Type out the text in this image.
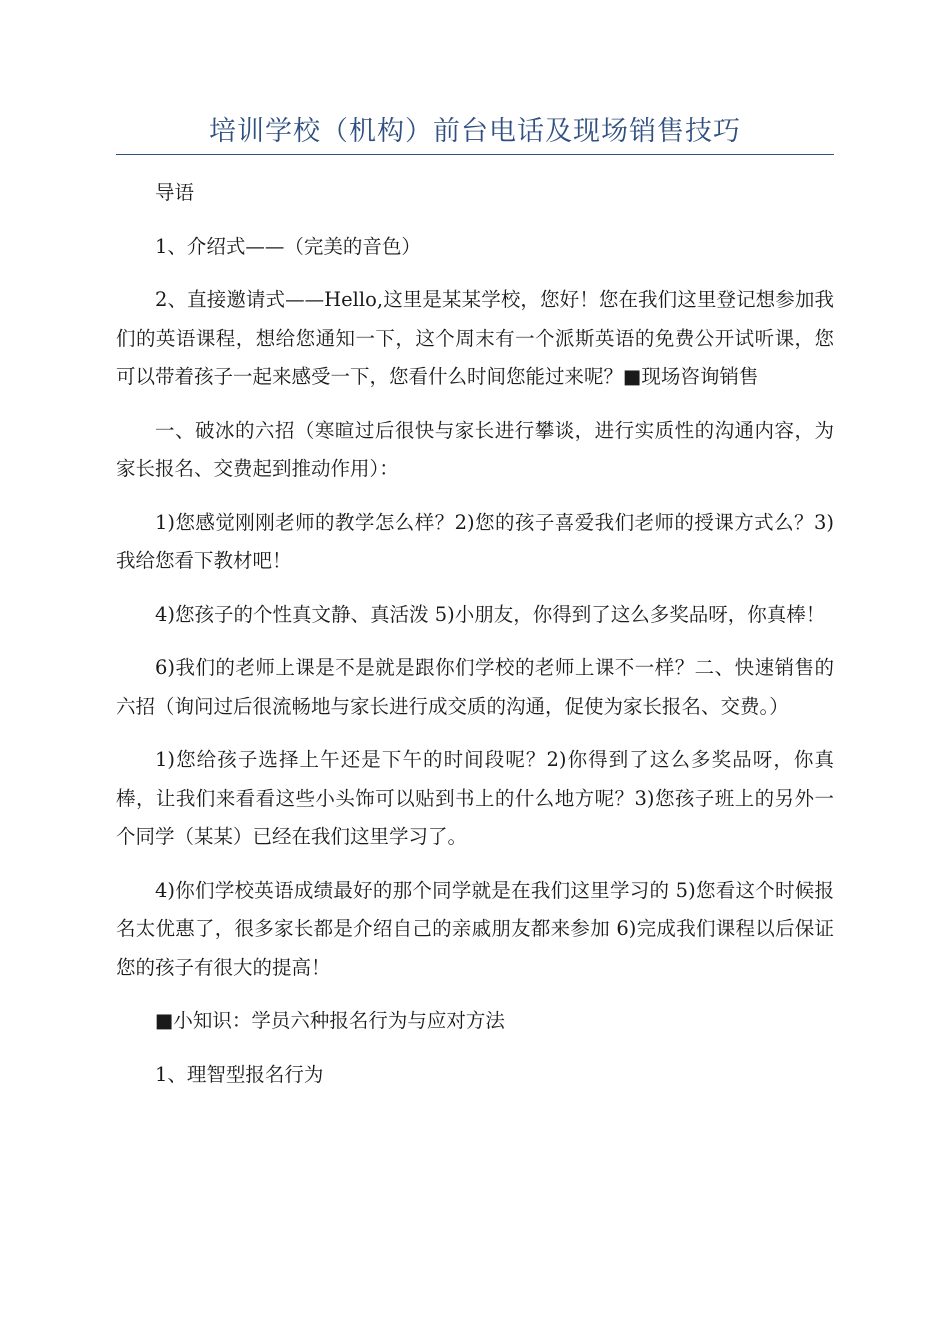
培训学校（机构）前台电话及现场销售技巧

导语

1、介绍式——（完美的音色）

2、直接邀请式——Hello,这里是某某学校，您好！您在我们这里登记想参加我们的英语课程，想给您通知一下，这个周末有一个派斯英语的免费公开试听课，您可以带着孩子一起来感受一下，您看什么时间您能过来呢？■现场咨询销售

一、破冰的六招（寒暄过后很快与家长进行攀谈，进行实质性的沟通内容，为家长报名、交费起到推动作用）：

1)您感觉刚刚老师的教学怎么样？2)您的孩子喜爱我们老师的授课方式么？3)我给您看下教材吧！

4)您孩子的个性真文静、真活泼 5)小朋友，你得到了这么多奖品呀，你真棒！

6)我们的老师上课是不是就是跟你们学校的老师上课不一样？二、快速销售的六招（询问过后很流畅地与家长进行成交质的沟通，促使为家长报名、交费。）

1)您给孩子选择上午还是下午的时间段呢？2)你得到了这么多奖品呀，你真棒，让我们来看看这些小头饰可以贴到书上的什么地方呢？3)您孩子班上的另外一个同学（某某）已经在我们这里学习了。

4)你们学校英语成绩最好的那个同学就是在我们这里学习的 5)您看这个时候报名太优惠了，很多家长都是介绍自己的亲戚朋友都来参加 6)完成我们课程以后保证您的孩子有很大的提高！

■小知识：学员六种报名行为与应对方法

1、理智型报名行为
